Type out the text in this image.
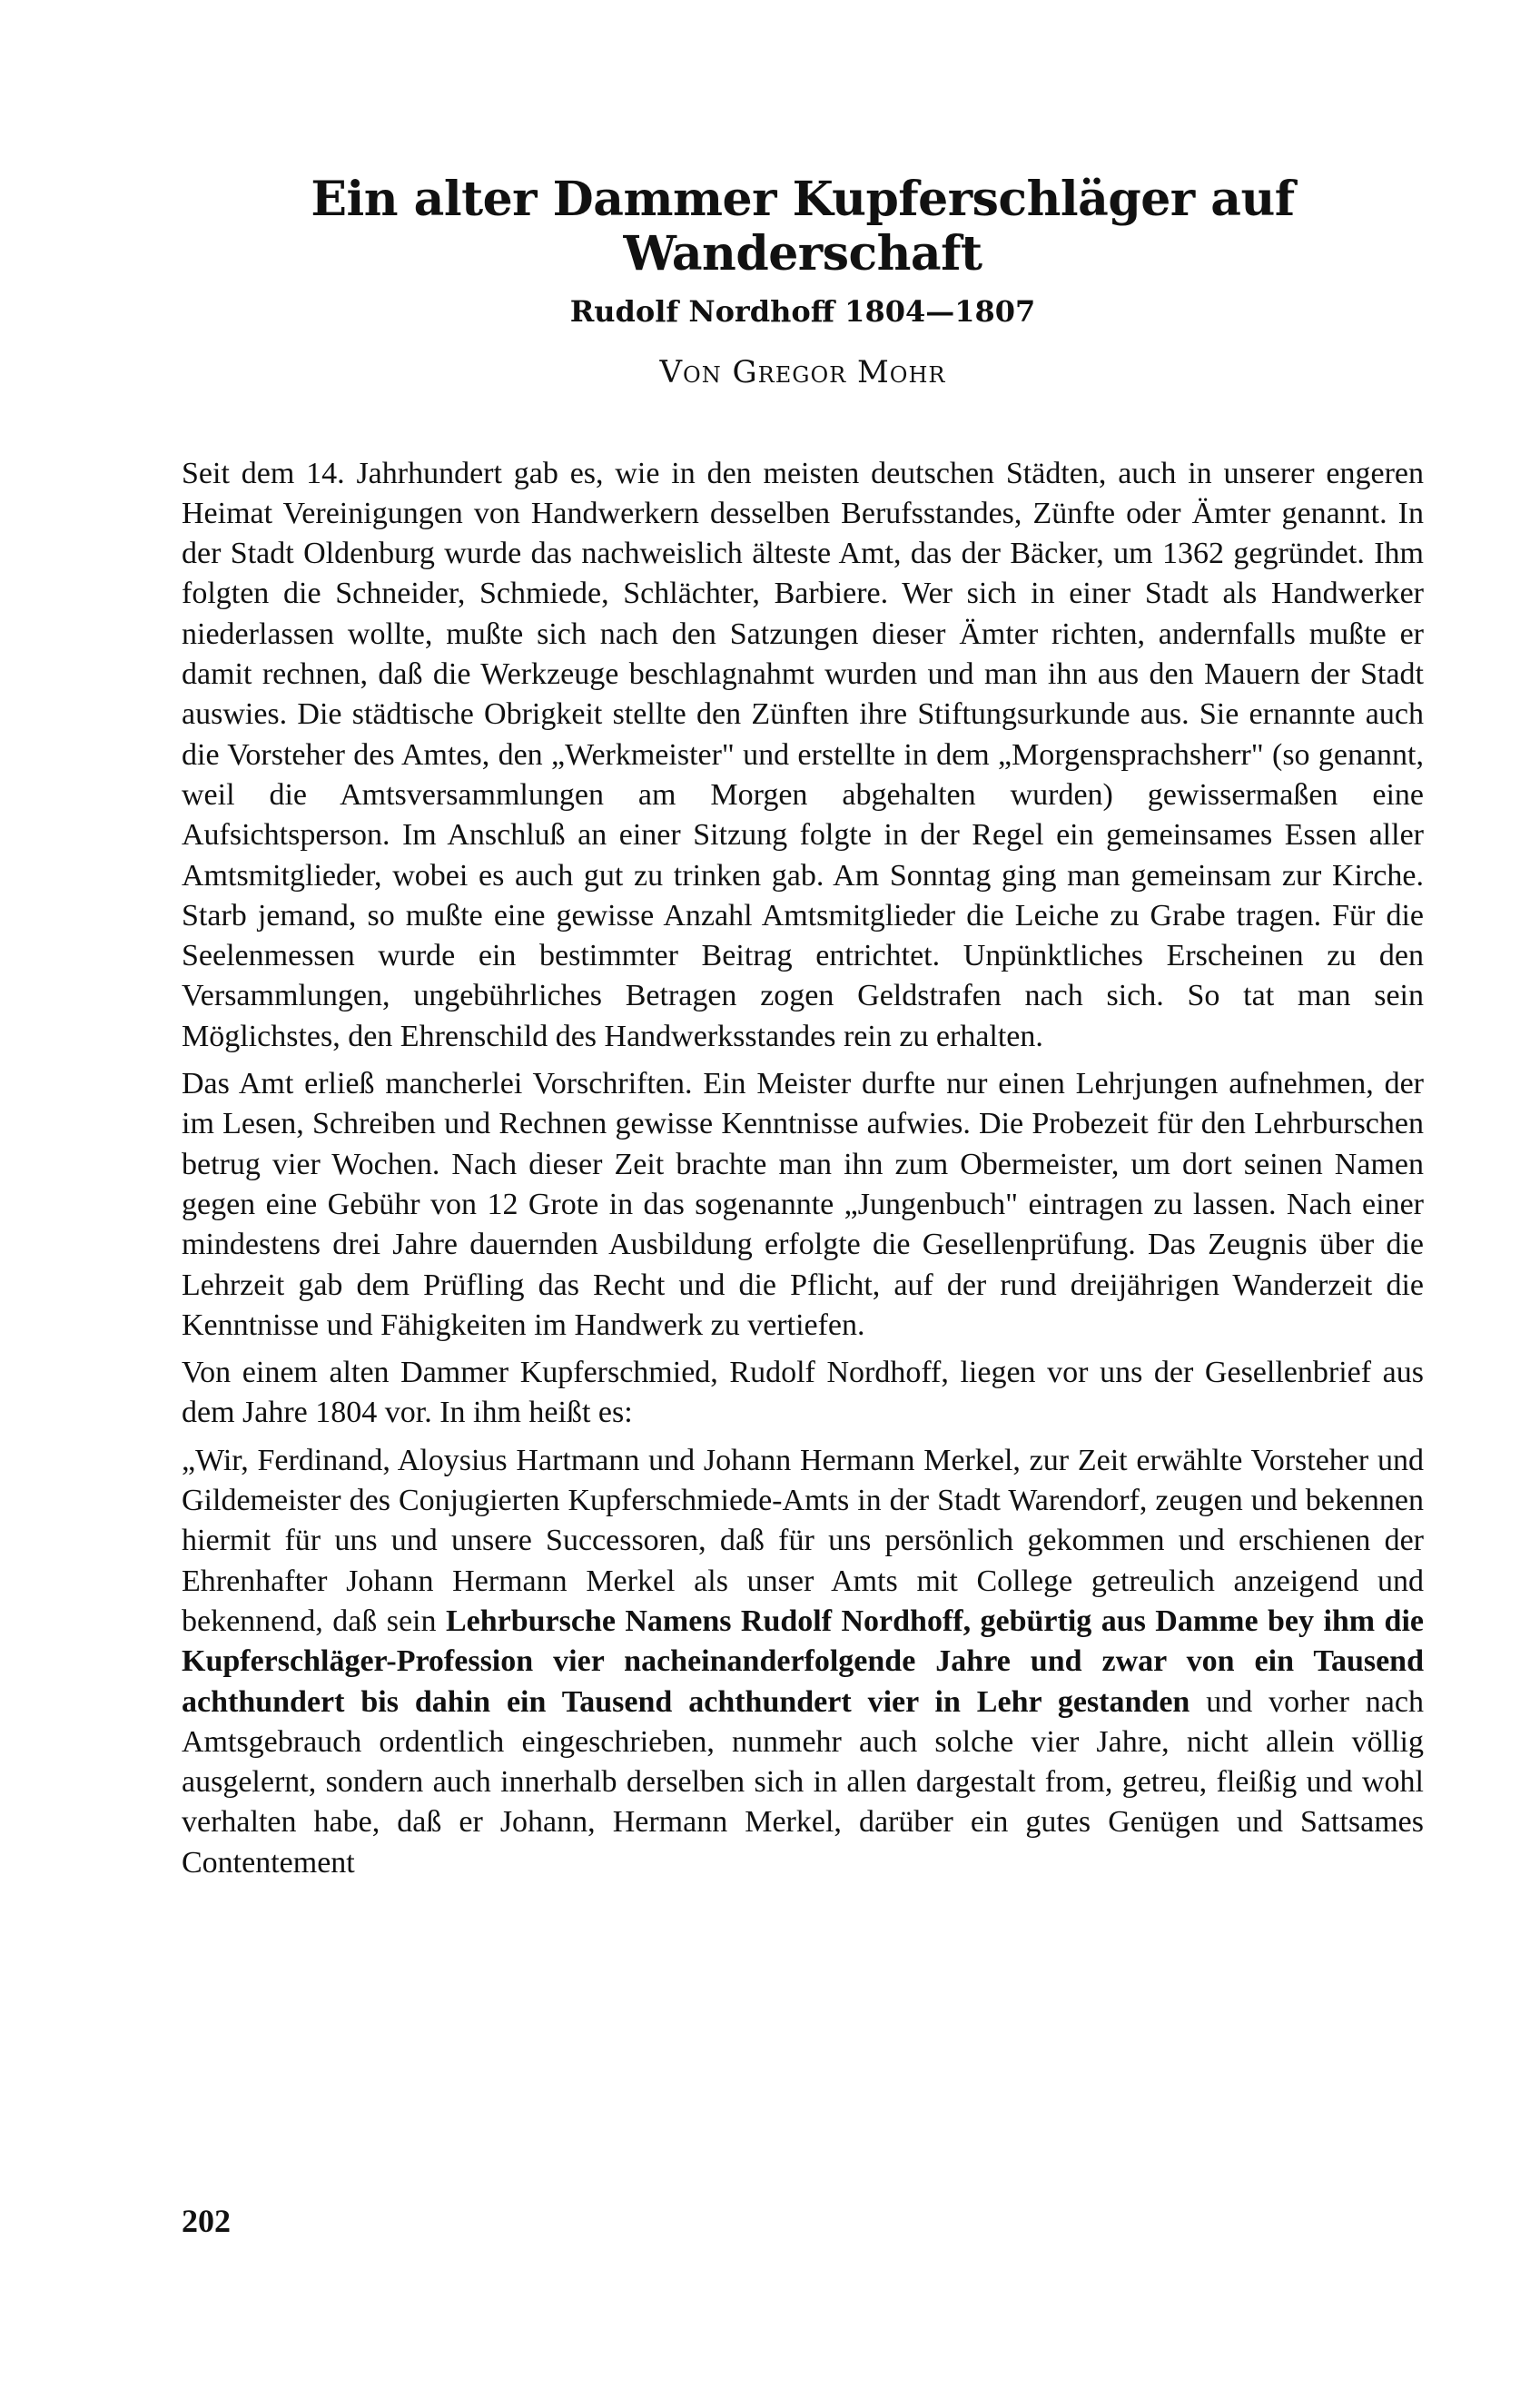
Ein alter Dammer Kupferschläger auf Wanderschaft
Rudolf Nordhoff 1804—1807
Von Gregor Mohr

Seit dem 14. Jahrhundert gab es, wie in den meisten deutschen Städten, auch in unserer engeren Heimat Vereinigungen von Handwerkern desselben Berufsstandes, Zünfte oder Ämter genannt. In der Stadt Oldenburg wurde das nachweislich älteste Amt, das der Bäcker, um 1362 gegründet. Ihm folgten die Schneider, Schmiede, Schlächter, Barbiere. Wer sich in einer Stadt als Handwerker niederlassen wollte, mußte sich nach den Satzungen dieser Ämter richten, andernfalls mußte er damit rechnen, daß die Werkzeuge beschlagnahmt wurden und man ihn aus den Mauern der Stadt auswies. Die städtische Obrigkeit stellte den Zünften ihre Stiftungsurkunde aus. Sie ernannte auch die Vorsteher des Amtes, den „Werkmeister" und erstellte in dem „Morgensprachsherr" (so genannt, weil die Amtsversammlungen am Morgen abgehalten wurden) gewissermaßen eine Aufsichtsperson. Im Anschluß an einer Sitzung folgte in der Regel ein gemeinsames Essen aller Amtsmitglieder, wobei es auch gut zu trinken gab. Am Sonntag ging man gemeinsam zur Kirche. Starb jemand, so mußte eine gewisse Anzahl Amtsmitglieder die Leiche zu Grabe tragen. Für die Seelenmessen wurde ein bestimmter Beitrag entrichtet. Unpünktliches Erscheinen zu den Versammlungen, ungebührliches Betragen zogen Geldstrafen nach sich. So tat man sein Möglichstes, den Ehrenschild des Handwerksstandes rein zu erhalten.

Das Amt erließ mancherlei Vorschriften. Ein Meister durfte nur einen Lehrjungen aufnehmen, der im Lesen, Schreiben und Rechnen gewisse Kenntnisse aufwies. Die Probezeit für den Lehrburschen betrug vier Wochen. Nach dieser Zeit brachte man ihn zum Obermeister, um dort seinen Namen gegen eine Gebühr von 12 Grote in das sogenannte „Jungenbuch" eintragen zu lassen. Nach einer mindestens drei Jahre dauernden Ausbildung erfolgte die Gesellenprüfung. Das Zeugnis über die Lehrzeit gab dem Prüfling das Recht und die Pflicht, auf der rund dreijährigen Wanderzeit die Kenntnisse und Fähigkeiten im Handwerk zu vertiefen.

Von einem alten Dammer Kupferschmied, Rudolf Nordhoff, liegen vor uns der Gesellenbrief aus dem Jahre 1804 vor. In ihm heißt es:

„Wir, Ferdinand, Aloysius Hartmann und Johann Hermann Merkel, zur Zeit erwählte Vorsteher und Gildemeister des Conjugierten Kupferschmiede-Amts in der Stadt Warendorf, zeugen und bekennen hiermit für uns und unsere Successoren, daß für uns persönlich gekommen und erschienen der Ehrenhafter Johann Hermann Merkel als unser Amts mit College getreulich anzeigend und bekennend, daß sein Lehrbursche Namens Rudolf Nordhoff, gebürtig aus Damme bey ihm die Kupferschläger-Profession vier nacheinanderfolgende Jahre und zwar von ein Tausend achthundert bis dahin ein Tausend achthundert vier in Lehr gestanden und vorher nach Amtsgebrauch ordentlich eingeschrieben, nunmehr auch solche vier Jahre, nicht allein völlig ausgelernt, sondern auch innerhalb derselben sich in allen dargestalt from, getreu, fleißig und wohl verhalten habe, daß er Johann, Hermann Merkel, darüber ein gutes Genügen und Sattsames Contentement

202
